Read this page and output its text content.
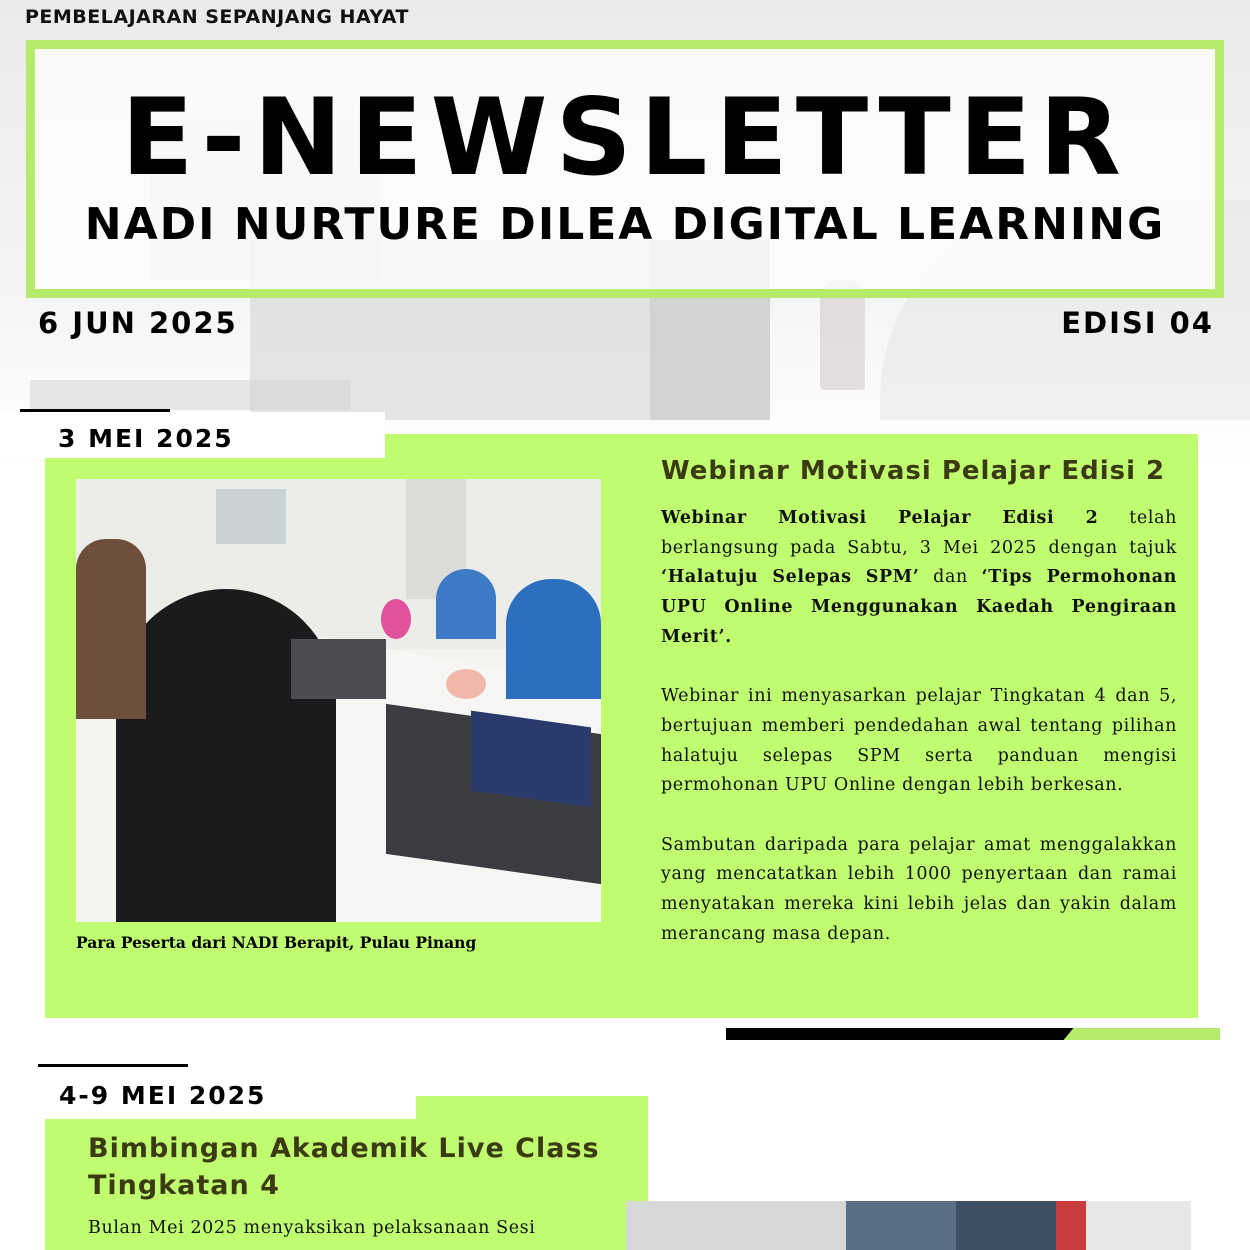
PEMBELAJARAN SEPANJANG HAYAT
E-NEWSLETTER
NADI NURTURE DILEA DIGITAL LEARNING
6 JUN 2025	EDISI 04
3 MEI 2025
Para Peserta dari NADI Berapit, Pulau Pinang
Webinar Motivasi Pelajar Edisi 2

Webinar Motivasi Pelajar Edisi 2 telah berlangsung pada Sabtu, 3 Mei 2025 dengan tajuk ‘Halatuju Selepas SPM’ dan ‘Tips Permohonan UPU Online Menggunakan Kaedah Pengiraan Merit’.

Webinar ini menyasarkan pelajar Tingkatan 4 dan 5, bertujuan memberi pendedahan awal tentang pilihan halatuju selepas SPM serta panduan mengisi permohonan UPU Online dengan lebih berkesan.

Sambutan daripada para pelajar amat menggalakkan yang mencatatkan lebih 1000 penyertaan dan ramai menyatakan mereka kini lebih jelas dan yakin dalam merancang masa depan.

4-9 MEI 2025
Bimbingan Akademik Live Class Tingkatan 4
Bulan Mei 2025 menyaksikan pelaksanaan Sesi
